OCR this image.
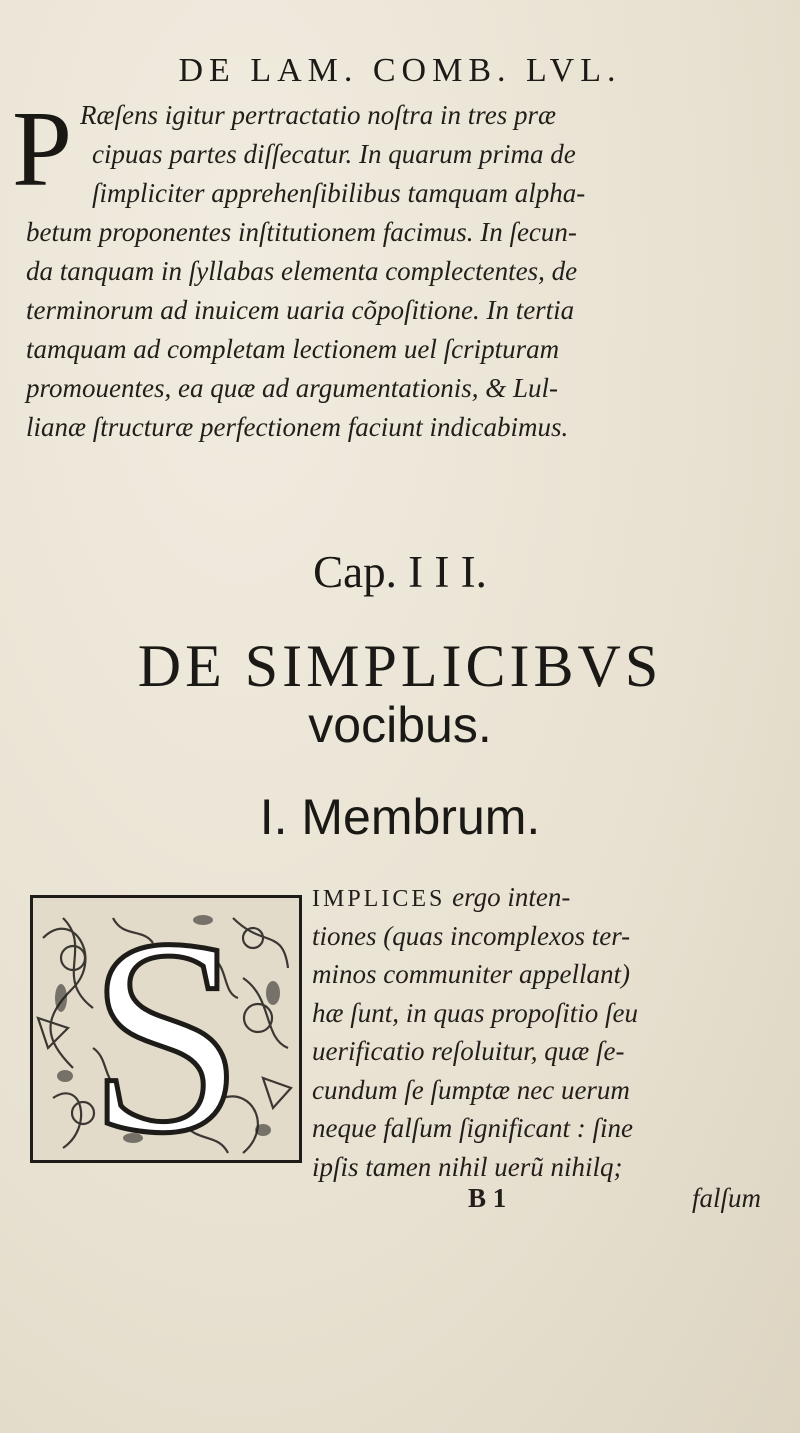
DE LAM. COMB. LVL.
P Ræſens igitur pertractatio noſtra in tres præ
cipuas partes diſſecatur. In quarum prima de
ſimpliciter apprehenſibilibus tamquam alpha-
betum proponentes inſtitutionem facimus. In ſecun-
da tanquam in ſyllabas elementa complectentes, de
terminorum ad inuicem uaria cõpoſitione. In tertia
tamquam ad completam lectionem uel ſcripturam
promouentes, ea quæ ad argumentationis, & Lul-
lianæ ſtructuræ perfectionem faciunt indicabimus.
Cap. I I I.
DE SIMPLICIBVS
vocibus.
I. Membrum.
S	IMPLICES ergo inten-
tiones (quas incomplexos ter-
minos communiter appellant)
hæ ſunt, in quas propoſitio ſeu
uerificatio reſoluitur, quæ ſe-
cundum ſe ſumptæ nec uerum
neque falſum ſignificant : ſine
ipſis tamen nihil uerũ nihilq;
B 1	falſum
